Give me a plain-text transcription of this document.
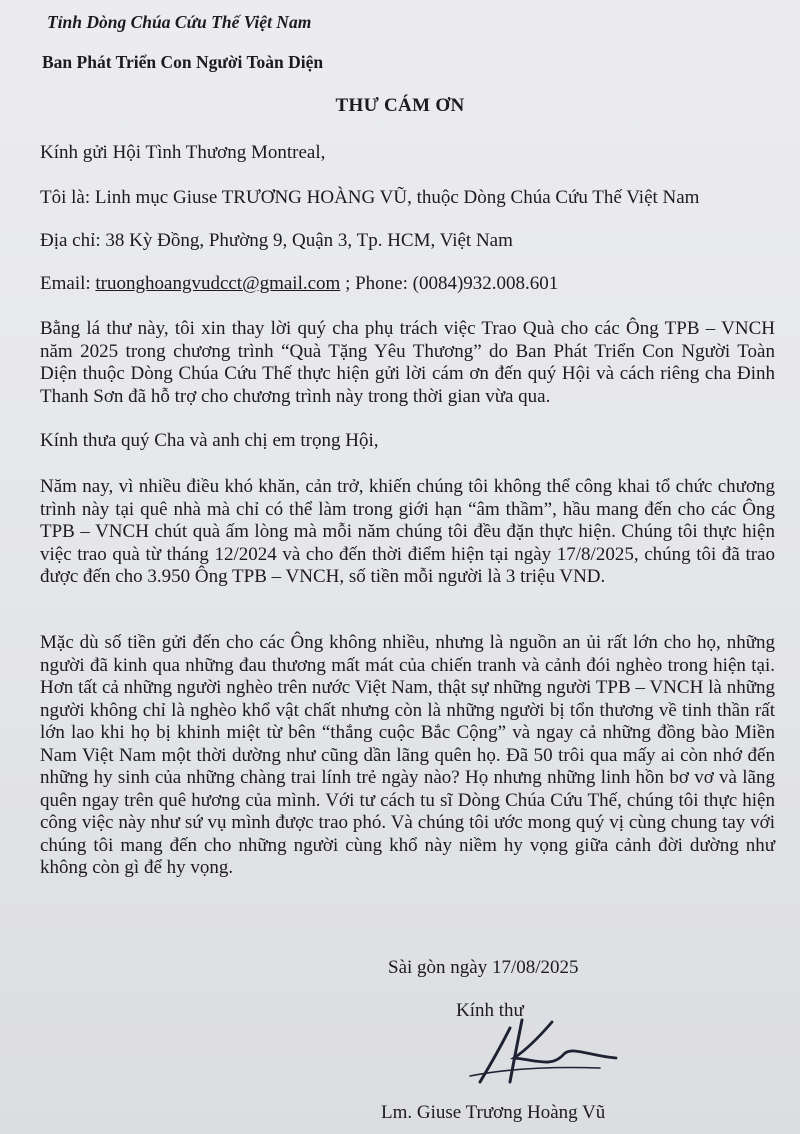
Tỉnh Dòng Chúa Cứu Thế Việt Nam
Ban Phát Triển Con Người Toàn Diện
THƯ CÁM ƠN
Kính gửi Hội Tình Thương Montreal,
Tôi là: Linh mục Giuse TRƯƠNG HOÀNG VŨ, thuộc Dòng Chúa Cứu Thế Việt Nam
Địa chỉ: 38 Kỳ Đồng, Phường 9, Quận 3, Tp. HCM, Việt Nam
Email: truonghoangvudcct@gmail.com ; Phone: (0084)932.008.601

Bằng lá thư này, tôi xin thay lời quý cha phụ trách việc Trao Quà cho các Ông TPB – VNCH năm 2025 trong chương trình “Quà Tặng Yêu Thương” do Ban Phát Triển Con Người Toàn Diện thuộc Dòng Chúa Cứu Thế thực hiện gửi lời cám ơn đến quý Hội và cách riêng cha Đinh Thanh Sơn đã hỗ trợ cho chương trình này trong thời gian vừa qua.

Kính thưa quý Cha và anh chị em trọng Hội,

Năm nay, vì nhiều điều khó khăn, cản trở, khiến chúng tôi không thể công khai tổ chức chương trình này tại quê nhà mà chỉ có thể làm trong giới hạn “âm thầm”, hầu mang đến cho các Ông TPB – VNCH chút quà ấm lòng mà mỗi năm chúng tôi đều đặn thực hiện. Chúng tôi thực hiện việc trao quà từ tháng 12/2024 và cho đến thời điểm hiện tại ngày 17/8/2025, chúng tôi đã trao được đến cho 3.950 Ông TPB – VNCH, số tiền mỗi người là 3 triệu VND.

Mặc dù số tiền gửi đến cho các Ông không nhiều, nhưng là nguồn an ủi rất lớn cho họ, những người đã kinh qua những đau thương mất mát của chiến tranh và cảnh đói nghèo trong hiện tại. Hơn tất cả những người nghèo trên nước Việt Nam, thật sự những người TPB – VNCH là những người không chỉ là nghèo khổ vật chất nhưng còn là những người bị tổn thương về tinh thần rất lớn lao khi họ bị khinh miệt từ bên “thắng cuộc Bắc Cộng” và ngay cả những đồng bào Miền Nam Việt Nam một thời dường như cũng dần lãng quên họ. Đã 50 trôi qua mấy ai còn nhớ đến những hy sinh của những chàng trai lính trẻ ngày nào? Họ nhưng những linh hồn bơ vơ và lãng quên ngay trên quê hương của mình. Với tư cách tu sĩ Dòng Chúa Cứu Thế, chúng tôi thực hiện công việc này như sứ vụ mình được trao phó. Và chúng tôi ước mong quý vị cùng chung tay với chúng tôi mang đến cho những người cùng khổ này niềm hy vọng giữa cảnh đời dường như không còn gì để hy vọng.

Sài gòn ngày 17/08/2025
Kính thư
Lm. Giuse Trương Hoàng Vũ
